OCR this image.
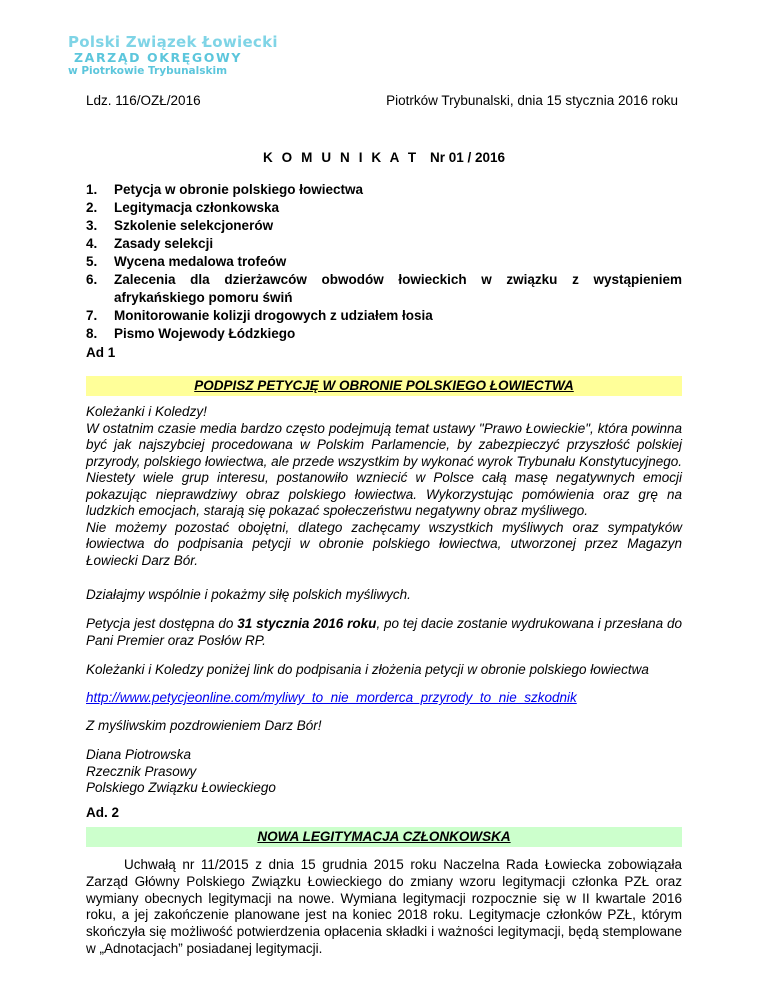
Polski Związek Łowiecki
ZARZĄD OKRĘGOWY
w Piotrkowie Trybunalskim
Ldz. 116/OZŁ/2016	Piotrków Trybunalski, dnia 15 stycznia 2016 roku
K O M U N I K A T Nr 01 / 2016
1. Petycja w obronie polskiego łowiectwa
2. Legitymacja członkowska
3. Szkolenie selekcjonerów
4. Zasady selekcji
5. Wycena medalowa trofeów
6. Zalecenia dla dzierżawców obwodów łowieckich w związku z wystąpieniem afrykańskiego pomoru świń
7. Monitorowanie kolizji drogowych z udziałem łosia
8. Pismo Wojewody Łódzkiego
Ad 1
PODPISZ PETYCJĘ W OBRONIE POLSKIEGO ŁOWIECTWA

Koleżanki i Koledzy!

W ostatnim czasie media bardzo często podejmują temat ustawy "Prawo Łowieckie", która powinna być jak najszybciej procedowana w Polskim Parlamencie, by zabezpieczyć przyszłość polskiej przyrody, polskiego łowiectwa, ale przede wszystkim by wykonać wyrok Trybunału Konstytucyjnego. Niestety wiele grup interesu, postanowiło wzniecić w Polsce całą masę negatywnych emocji pokazując nieprawdziwy obraz polskiego łowiectwa. Wykorzystując pomówienia oraz grę na ludzkich emocjach, starają się pokazać społeczeństwu negatywny obraz myśliwego.

Nie możemy pozostać obojętni, dlatego zachęcamy wszystkich myśliwych oraz sympatyków łowiectwa do podpisania petycji w obronie polskiego łowiectwa, utworzonej przez Magazyn Łowiecki Darz Bór.

Działajmy wspólnie i pokażmy siłę polskich myśliwych.
Petycja jest dostępna do 31 stycznia 2016 roku, po tej dacie zostanie wydrukowana i przesłana do Pani Premier oraz Posłów RP.
Koleżanki i Koledzy poniżej link do podpisania i złożenia petycji w obronie polskiego łowiectwa
http://www.petycjeonline.com/myliwy_to_nie_morderca_przyrody_to_nie_szkodnik
Z myśliwskim pozdrowieniem Darz Bór!

Diana Piotrowska

Rzecznik Prasowy

Polskiego Związku Łowieckiego

Ad. 2
NOWA LEGITYMACJA CZŁONKOWSKA

Uchwałą nr 11/2015 z dnia 15 grudnia 2015 roku Naczelna Rada Łowiecka zobowiązała Zarząd Główny Polskiego Związku Łowieckiego do zmiany wzoru legitymacji członka PZŁ oraz wymiany obecnych legitymacji na nowe. Wymiana legitymacji rozpocznie się w II kwartale 2016 roku, a jej zakończenie planowane jest na koniec 2018 roku. Legitymacje członków PZŁ, którym skończyła się możliwość potwierdzenia opłacenia składki i ważności legitymacji, będą stemplowane w „Adnotacjach” posiadanej legitymacji.
